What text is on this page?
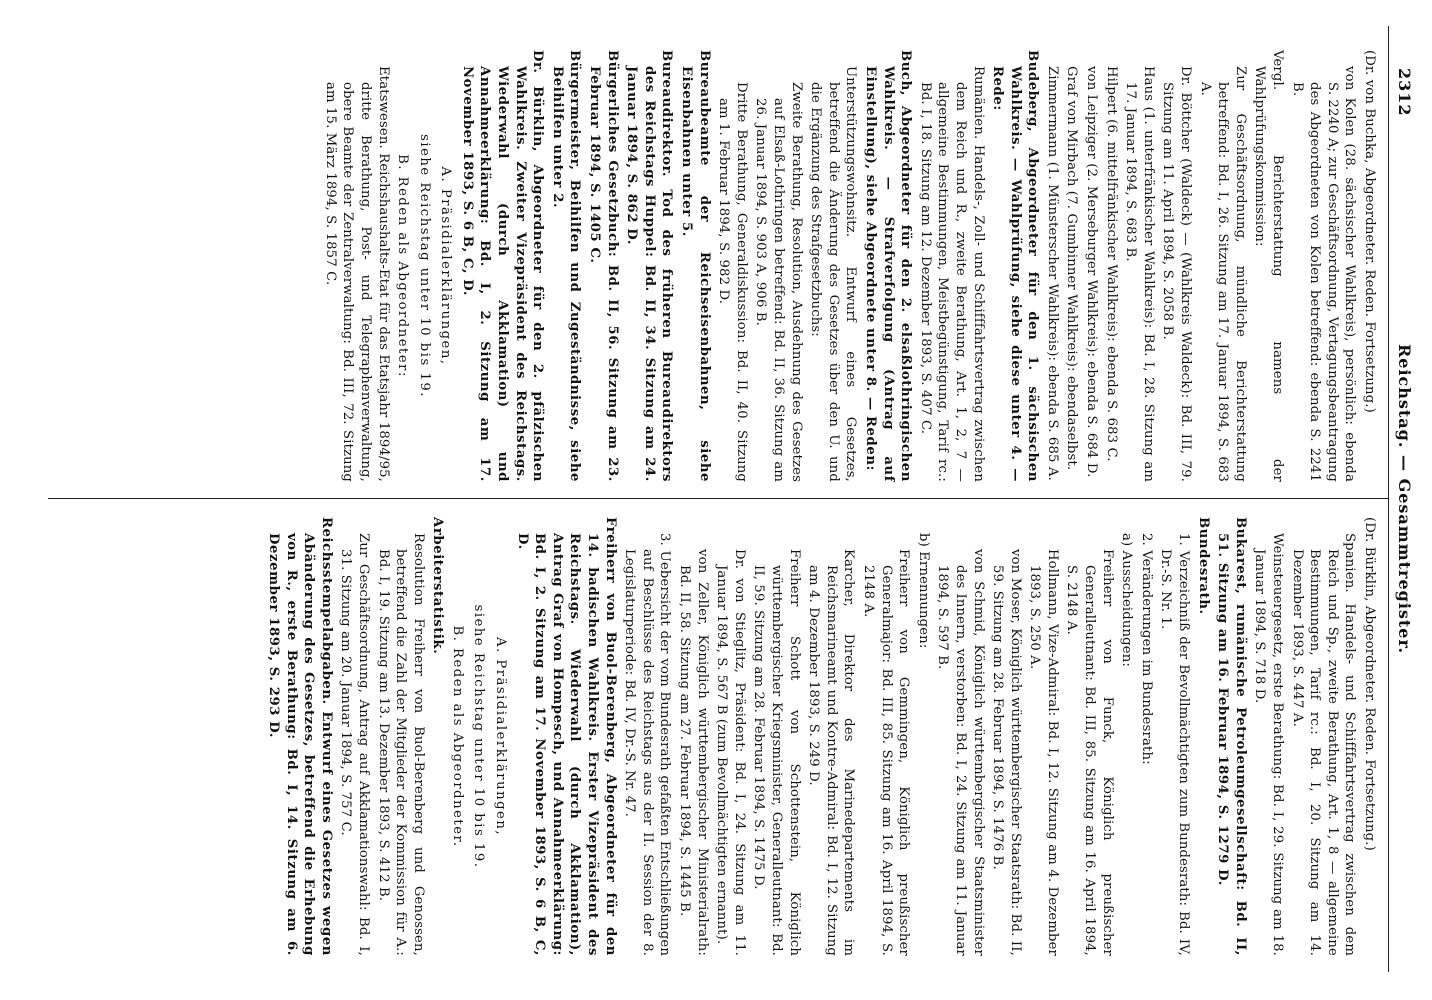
2312
Reichstag. — Gesammtregister.

(Dr. von Buchka, Abgeordneter. Reden. Fortsetzung.)

von Kolen (28. sächsischer Wahlkreis), persönlich: ebenda S. 2240 A; zur Geschäftsordnung, Vertagungsbeantragung des Abgeordneten von Kolen betreffend: ebenda S. 2241 B.

Vergl. Berichterstattung namens der Wahlprüfungskommission:

Zur Geschäftsordnung, mündliche Berichterstattung betreffend: Bd. I, 26. Sitzung am 17. Januar 1894, S. 683 A.

Dr. Böttcher (Waldeck) — (Wahlkreis Waldeck): Bd. III, 79. Sitzung am 11. April 1894, S. 2058 B.

Haus (1. unterfränkischer Wahlkreis): Bd. I, 28. Sitzung am 17. Januar 1894, S. 683 B.

Hilpert (6. mittelfränkischer Wahlkreis): ebenda S. 683 C.

von Leipziger (2. Merseburger Wahlkreis): ebenda S. 684 D.

Graf von Mirbach (7. Gumbinner Wahlkreis): ebendaselbst.

Zimmermann (1. Münsterscher Wahlkreis): ebenda S. 685 A.

Budeberg, Abgeordneter für den 1. sächsischen Wahlkreis. — Wahlprüfung, siehe diese unter 4. — Rede:

Rumänien. Handels-, Zoll- und Schifffahrtsvertrag zwischen dem Reich und R., zweite Berathung, Art. 1, 2, 7 — allgemeine Bestimmungen, Meistbegünstigung, Tarif rc.: Bd. I, 18. Sitzung am 12. Dezember 1893, S. 407 C.

Buch, Abgeordneter für den 2. elsaßlothringischen Wahlkreis. — Strafverfolgung (Antrag auf Einstellung), siehe Abgeordnete unter 8. — Reden:

Unterstützungswohnsitz. Entwurf eines Gesetzes, betreffend die Änderung des Gesetzes über den U. und die Ergänzung des Strafgesetzbuchs:

Zweite Berathung, Resolution, Ausdehnung des Gesetzes auf Elsaß-Lothringen betreffend: Bd. II, 36. Sitzung am 26. Januar 1894, S. 903 A, 906 B.

Dritte Berathung, Generaldiskussion: Bd. II, 40. Sitzung am 1. Februar 1894, S. 982 D.

Bureaubeamte der Reichseisenbahnen, siehe Eisenbahnen unter 5.

Bureaudirektor. Tod des früheren Bureaudirektors des Reichstags Huppel: Bd. II, 34. Sitzung am 24. Januar 1894, S. 862 D.

Bürgerliches Gesetzbuch: Bd. II, 56. Sitzung am 23. Februar 1894, S. 1405 C.

Bürgermeister, Beihilfen und Zugeständnisse, siehe Beihilfen unter 2.

Dr. Bürklin, Abgeordneter für den 2. pfälzischen Wahlkreis. Zweiter Vizepräsident des Reichstags. Wiederwahl (durch Akklamation) und Annahmeerklärung: Bd. I, 2. Sitzung am 17. November 1893, S. 6 B, C, D.

A. Präsidialerklärungen,

siehe Reichstag unter 10 bis 19.

B. Reden als Abgeordneter:

Etatswesen. Reichshaushalts-Etat für das Etatsjahr 1894/95, dritte Berathung, Post- und Telegraphenverwaltung, obere Beamte der Zentralverwaltung: Bd. III, 72. Sitzung am 15. März 1894, S. 1857 C.

(Dr. Bürklin, Abgeordneter. Reden. Fortsetzung.)

Spanien. Handels- und Schifffahrtsvertrag zwischen dem Reich und Sp., zweite Berathung, Art. 1, 8 — allgemeine Bestimmungen, Tarif rc.: Bd. I, 20. Sitzung am 14. Dezember 1893, S. 447 A.

Weinsteuergesetz, erste Berathung: Bd. I, 29. Sitzung am 18. Januar 1894, S. 718 D.

Bukarest, rumänische Petroleumgesellschaft: Bd. II, 51. Sitzung am 16. Februar 1894, S. 1279 D.

Bundesrath.

1. Verzeichniß der Bevollmächtigten zum Bundesrath: Bd. IV, Dr.-S. Nr. 1.

2. Veränderungen im Bundesrath:

a) Ausscheidungen:

Freiherr von Funck, Königlich preußischer Generalleutnant: Bd. III, 85. Sitzung am 16. April 1894, S. 2148 A.

Hollmann, Vize-Admiral: Bd. I, 12. Sitzung am 4. Dezember 1893, S. 250 A.

von Moser, Königlich württembergischer Staatsrath: Bd. II, 59. Sitzung am 28. Februar 1894, S. 1476 B.

von Schmid, Königlich württembergischer Staatsminister des Innern, verstorben: Bd. I, 24. Sitzung am 11. Januar 1894, S. 597 B.

b) Ernennungen:

Freiherr von Gemmingen, Königlich preußischer Generalmajor: Bd. III, 85. Sitzung am 16. April 1894, S. 2148 A.

Karcher, Direktor des Marinedepartements im Reichsmarineamt und Kontre-Admiral: Bd. I, 12. Sitzung am 4. Dezember 1893, S. 249 D.

Freiherr Schott von Schottenstein, Königlich württembergischer Kriegsminister, Generalleutnant: Bd. II, 59. Sitzung am 28. Februar 1894, S. 1475 D.

Dr. von Stieglitz, Präsident: Bd. I, 24. Sitzung am 11. Januar 1894, S. 567 B (zum Bevollmächtigten ernannt).

von Zeller, Königlich württembergischer Ministerialrath: Bd. II, 58. Sitzung am 27. Februar 1894, S. 1445 B.

3. Uebersicht der vom Bundesrath gefaßten Entschließungen auf Beschlüsse des Reichstags aus der II. Session der 8. Legislaturperiode: Bd. IV, Dr.-S. Nr. 47.

Freiherr von Buol-Berenberg, Abgeordneter für den 14. badischen Wahlkreis. Erster Vizepräsident des Reichstags. Wiederwahl (durch Akklamation), Antrag Graf von Hompesch, und Annahmeerklärung: Bd. I, 2. Sitzung am 17. November 1893, S. 6 B, C, D.

A. Präsidialerklärungen,

siehe Reichstag unter 10 bis 19.

B. Reden als Abgeordneter.

Arbeiterstatistik.

Resolution Freiherr von Buol-Berenberg und Genossen, betreffend die Zahl der Mitglieder der Kommission für A.: Bd. I, 19. Sitzung am 13. Dezember 1893, S. 412 B.

Zur Geschäftsordnung, Antrag auf Akklamationswahl: Bd. I, 31. Sitzung am 20. Januar 1894, S. 757 C.

Reichsstempelabgaben. Entwurf eines Gesetzes wegen Abänderung des Gesetzes, betreffend die Erhebung von R., erste Berathung: Bd. I, 14. Sitzung am 6. Dezember 1893, S. 293 D.
